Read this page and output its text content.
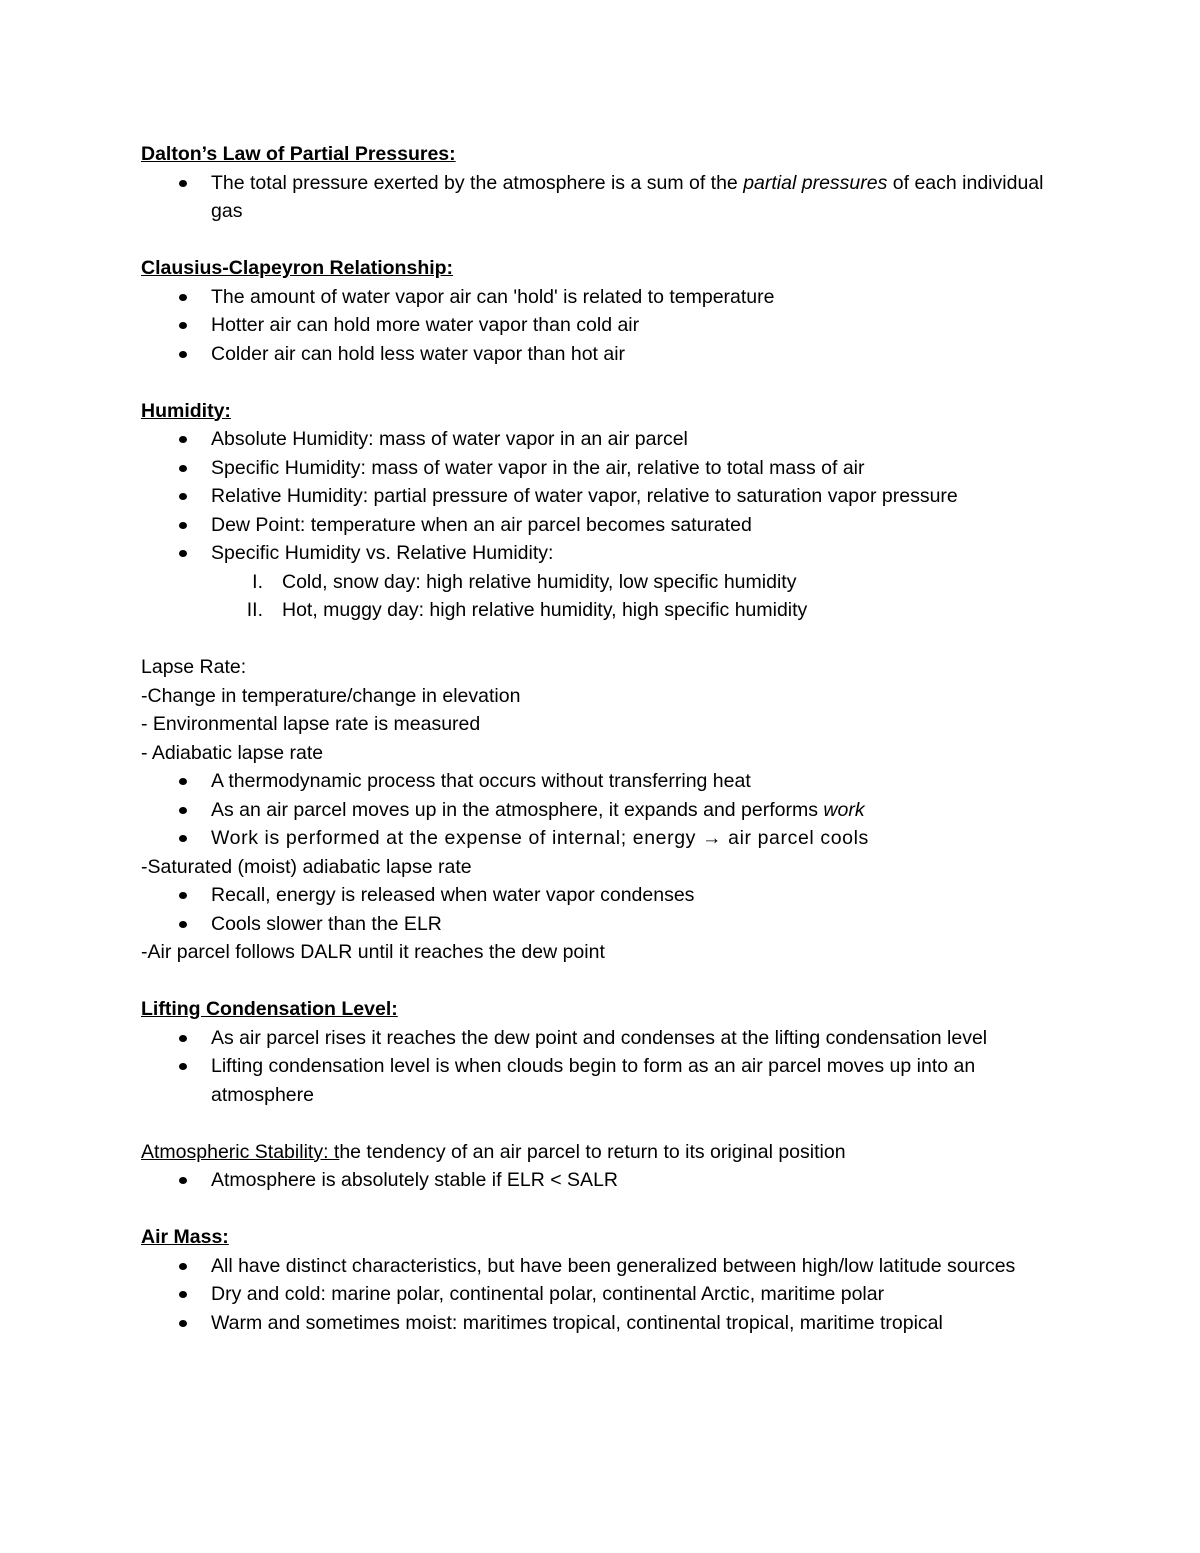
Dalton’s Law of Partial Pressures:
The total pressure exerted by the atmosphere is a sum of the partial pressures of each individual gas
Clausius-Clapeyron Relationship:
The amount of water vapor air can 'hold' is related to temperature
Hotter air can hold more water vapor than cold air
Colder air can hold less water vapor than hot air
Humidity:
Absolute Humidity: mass of water vapor in an air parcel
Specific Humidity: mass of water vapor in the air, relative to total mass of air
Relative Humidity: partial pressure of water vapor, relative to saturation vapor pressure
Dew Point: temperature when an air parcel becomes saturated
Specific Humidity vs. Relative Humidity:
I. Cold, snow day: high relative humidity, low specific humidity
II. Hot, muggy day: high relative humidity, high specific humidity
Lapse Rate:
-Change in temperature/change in elevation
- Environmental lapse rate is measured
- Adiabatic lapse rate
A thermodynamic process that occurs without transferring heat
As an air parcel moves up in the atmosphere, it expands and performs work
Work is performed at the expense of internal; energy → air parcel cools
-Saturated (moist) adiabatic lapse rate
Recall, energy is released when water vapor condenses
Cools slower than the ELR
-Air parcel follows DALR until it reaches the dew point
Lifting Condensation Level:
As air parcel rises it reaches the dew point and condenses at the lifting condensation level
Lifting condensation level is when clouds begin to form as an air parcel moves up into an atmosphere
Atmospheric Stability: the tendency of an air parcel to return to its original position
Atmosphere is absolutely stable if ELR < SALR
Air Mass:
All have distinct characteristics, but have been generalized between high/low latitude sources
Dry and cold: marine polar, continental polar, continental Arctic, maritime polar
Warm and sometimes moist: maritimes tropical, continental tropical, maritime tropical
